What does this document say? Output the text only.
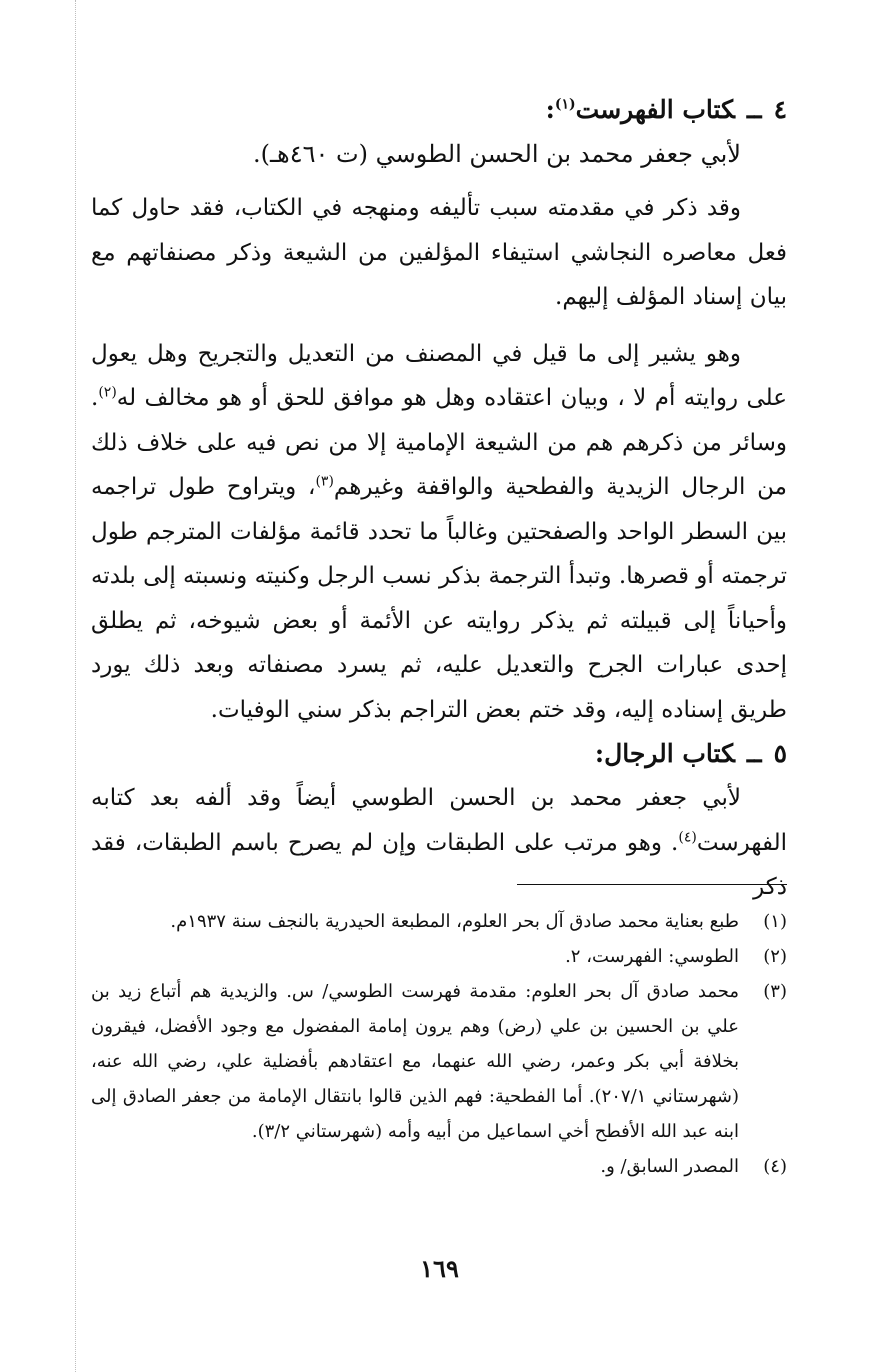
٤ــكتاب الفهرست$^{(١)}$:

لأبي جعفر محمد بن الحسن الطوسي (ت ٤٦٠هـ).

وقد ذكر في مقدمته سبب تأليفه ومنهجه في الكتاب، فقد حاول كما فعل معاصره النجاشي استيفاء المؤلفين من الشيعة وذكر مصنفاتهم مع بيان إسناد المؤلف إليهم.

وهو يشير إلى ما قيل في المصنف من التعديل والتجريح وهل يعول على روايته أم لا ، وبيان اعتقاده وهل هو موافق للحق أو هو مخالف له$^{(٢)}$. وسائر من ذكرهم هم من الشيعة الإمامية إلا من نص فيه على خلاف ذلك من الرجال الزيدية والفطحية والواقفة وغيرهم$^{(٣)}$، ويتراوح طول تراجمه بين السطر الواحد والصفحتين وغالباً ما تحدد قائمة مؤلفات المترجم طول ترجمته أو قصرها. وتبدأ الترجمة بذكر نسب الرجل وكنيته ونسبته إلى بلدته وأحياناً إلى قبيلته ثم يذكر روايته عن الأئمة أو بعض شيوخه، ثم يطلق إحدى عبارات الجرح والتعديل عليه، ثم يسرد مصنفاته وبعد ذلك يورد طريق إسناده إليه، وقد ختم بعض التراجم بذكر سني الوفيات.

٥ــكتاب الرجال:

لأبي جعفر محمد بن الحسن الطوسي أيضاً وقد ألفه بعد كتابه الفهرست$^{(٤)}$. وهو مرتب على الطبقات وإن لم يصرح باسم الطبقات، فقد ذكر

(١)
طبع بعناية محمد صادق آل بحر العلوم، المطبعة الحيدرية بالنجف سنة ١٩٣٧م.
(٢)
الطوسي: الفهرست، ٢.
(٣)
محمد صادق آل بحر العلوم: مقدمة فهرست الطوسي/ س. والزيدية هم أتباع زيد بن علي بن الحسين بن علي (رض) وهم يرون إمامة المفضول مع وجود الأفضل، فيقرون بخلافة أبي بكر وعمر، رضي الله عنهما، مع اعتقادهم بأفضلية علي، رضي الله عنه، (شهرستاني ٢٠٧/١). أما الفطحية: فهم الذين قالوا بانتقال الإمامة من جعفر الصادق إلى ابنه عبد الله الأفطح أخي اسماعيل من أبيه وأمه (شهرستاني ٣/٢).
(٤)
المصدر السابق/ و.
١٦٩
